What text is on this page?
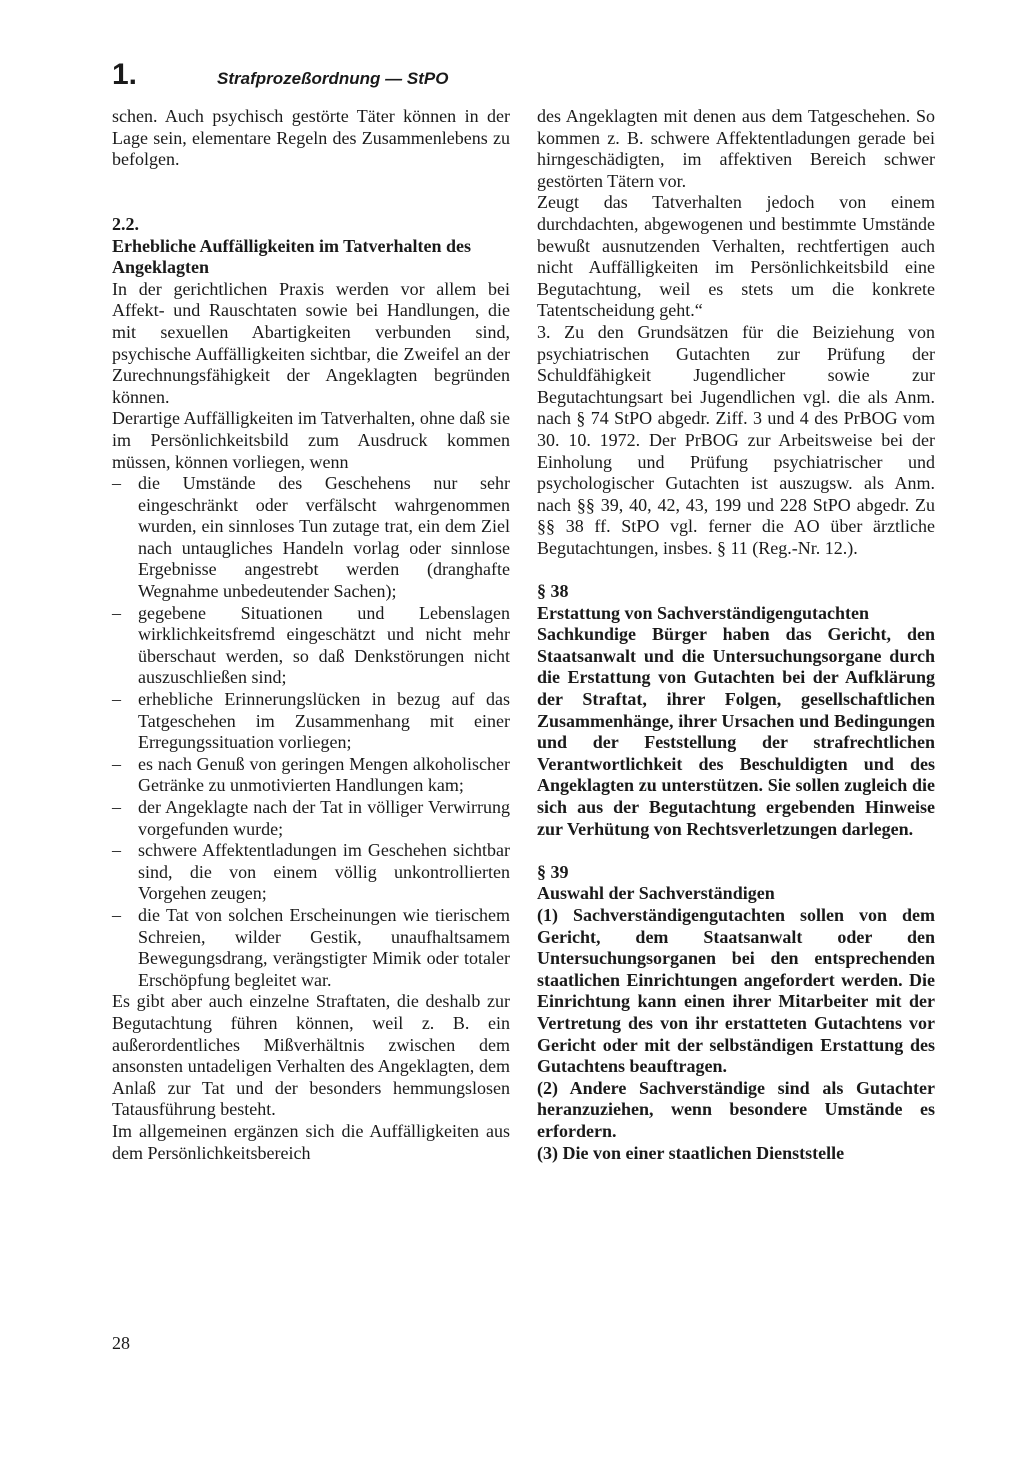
1.	Strafprozeßordnung — StPO

schen. Auch psychisch gestörte Täter können in der Lage sein, elementare Regeln des Zusammenlebens zu befolgen.

2.2.
Erhebliche Auffälligkeiten im Tatverhalten des Angeklagten

In der gerichtlichen Praxis werden vor allem bei Affekt- und Rauschtaten sowie bei Handlungen, die mit sexuellen Abartigkeiten verbunden sind, psychische Auffälligkeiten sichtbar, die Zweifel an der Zurechnungsfähigkeit der Angeklagten begründen können.

Derartige Auffälligkeiten im Tatverhalten, ohne daß sie im Persönlichkeitsbild zum Ausdruck kommen müssen, können vorliegen, wenn

– die Umstände des Geschehens nur sehr eingeschränkt oder verfälscht wahrgenommen wurden, ein sinnloses Tun zutage trat, ein dem Ziel nach untaugliches Handeln vorlag oder sinnlose Ergebnisse angestrebt werden (dranghafte Wegnahme unbedeutender Sachen);
– gegebene Situationen und Lebenslagen wirklichkeitsfremd eingeschätzt und nicht mehr überschaut werden, so daß Denkstörungen nicht auszuschließen sind;
– erhebliche Erinnerungslücken in bezug auf das Tatgeschehen im Zusammenhang mit einer Erregungssituation vorliegen;
– es nach Genuß von geringen Mengen alkoholischer Getränke zu unmotivierten Handlungen kam;
– der Angeklagte nach der Tat in völliger Verwirrung vorgefunden wurde;
– schwere Affektentladungen im Geschehen sichtbar sind, die von einem völlig unkontrollierten Vorgehen zeugen;
– die Tat von solchen Erscheinungen wie tierischem Schreien, wilder Gestik, unaufhaltsamem Bewegungsdrang, verängstigter Mimik oder totaler Erschöpfung begleitet war.

Es gibt aber auch einzelne Straftaten, die deshalb zur Begutachtung führen können, weil z. B. ein außerordentliches Mißverhältnis zwischen dem ansonsten untadeligen Verhalten des Angeklagten, dem Anlaß zur Tat und der besonders hemmungslosen Tatausführung besteht.

Im allgemeinen ergänzen sich die Auffälligkeiten aus dem Persönlichkeitsbereich

des Angeklagten mit denen aus dem Tatgeschehen. So kommen z. B. schwere Affektentladungen gerade bei hirngeschädigten, im affektiven Bereich schwer gestörten Tätern vor.

Zeugt das Tatverhalten jedoch von einem durchdachten, abgewogenen und bestimmte Umstände bewußt ausnutzenden Verhalten, rechtfertigen auch nicht Auffälligkeiten im Persönlichkeitsbild eine Begutachtung, weil es stets um die konkrete Tatentscheidung geht.“

3. Zu den Grundsätzen für die Beiziehung von psychiatrischen Gutachten zur Prüfung der Schuldfähigkeit Jugendlicher sowie zur Begutachtungsart bei Jugendlichen vgl. die als Anm. nach § 74 StPO abgedr. Ziff. 3 und 4 des PrBOG vom 30. 10. 1972. Der PrBOG zur Arbeitsweise bei der Einholung und Prüfung psychiatrischer und psychologischer Gutachten ist auszugsw. als Anm. nach §§ 39, 40, 42, 43, 199 und 228 StPO abgedr. Zu §§ 38 ff. StPO vgl. ferner die AO über ärztliche Begutachtungen, insbes. § 11 (Reg.-Nr. 12.).

§ 38
Erstattung von Sachverständigengutachten

Sachkundige Bürger haben das Gericht, den Staatsanwalt und die Untersuchungsorgane durch die Erstattung von Gutachten bei der Aufklärung der Straftat, ihrer Folgen, gesellschaftlichen Zusammenhänge, ihrer Ursachen und Bedingungen und der Feststellung der strafrechtlichen Verantwortlichkeit des Beschuldigten und des Angeklagten zu unterstützen. Sie sollen zugleich die sich aus der Begutachtung ergebenden Hinweise zur Verhütung von Rechtsverletzungen darlegen.

§ 39
Auswahl der Sachverständigen

(1) Sachverständigengutachten sollen von dem Gericht, dem Staatsanwalt oder den Untersuchungsorganen bei den entsprechenden staatlichen Einrichtungen angefordert werden. Die Einrichtung kann einen ihrer Mitarbeiter mit der Vertretung des von ihr erstatteten Gutachtens vor Gericht oder mit der selbständigen Erstattung des Gutachtens beauftragen.

(2) Andere Sachverständige sind als Gutachter heranzuziehen, wenn besondere Umstände es erfordern.

(3) Die von einer staatlichen Dienststelle

28
